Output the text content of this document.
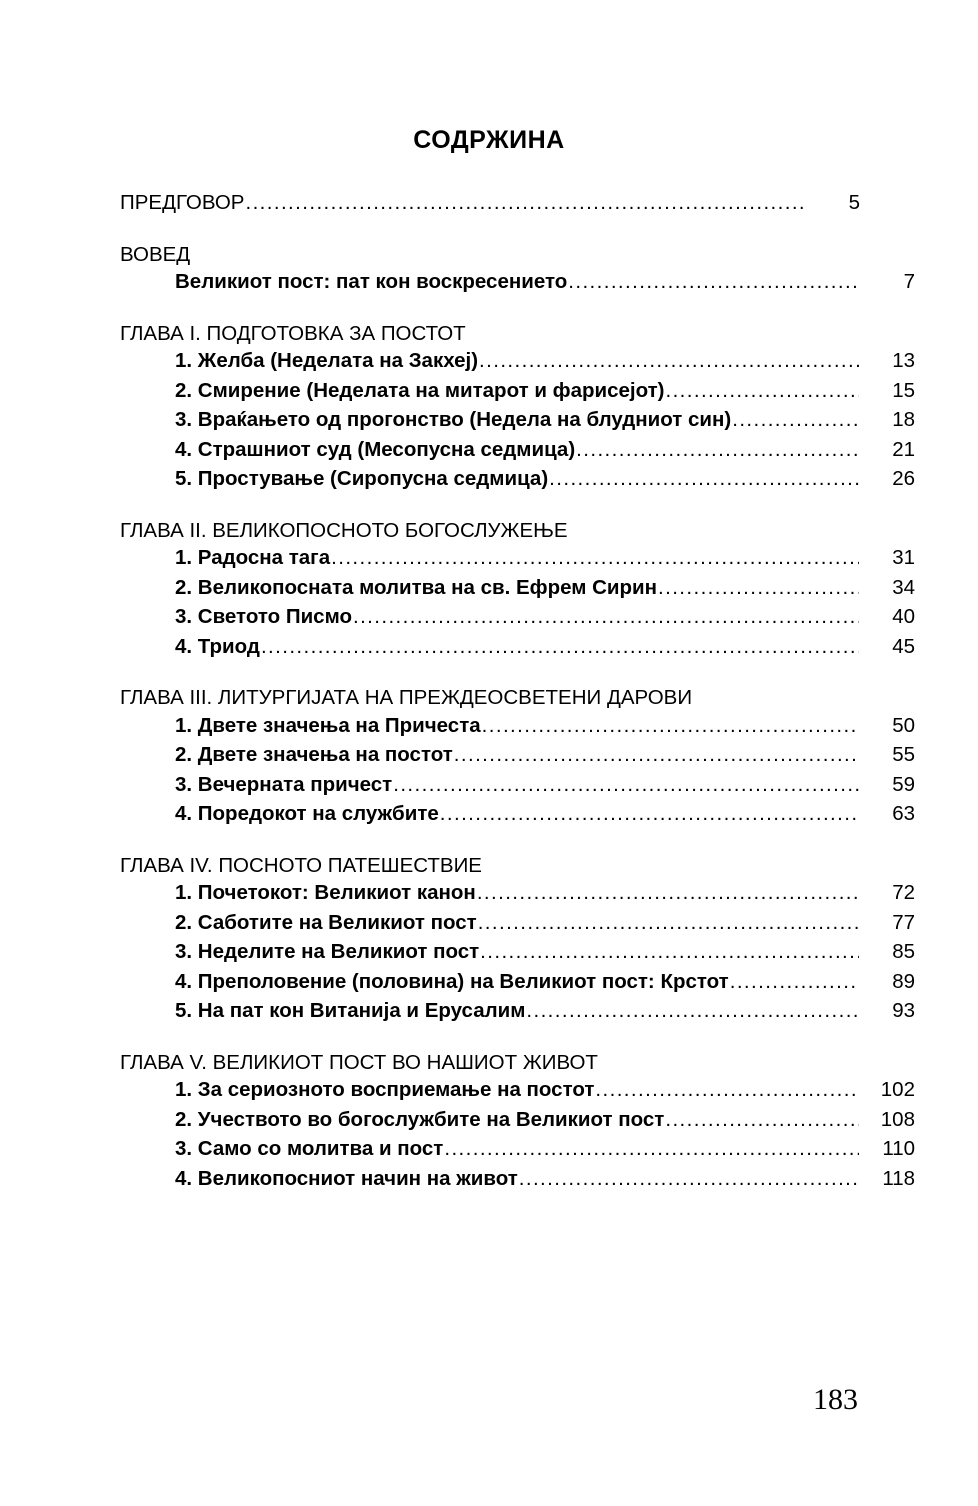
СОДРЖИНА
ПРЕДГОВОР .....	5
ВОВЕД
Великиот пост: пат кон воскресението .....	7
ГЛАВА I. ПОДГОТОВКА ЗА ПОСТОТ
1. Желба (Неделата на Закхеј) .....	13
2. Смирение (Неделата на митарот и фарисејот) .....	15
3. Враќањето од прогонство (Недела на блудниот син) .....	18
4. Страшниот суд (Месопусна седмица) .....	21
5. Простување (Сиропусна седмица) .....	26
ГЛАВА II. ВЕЛИКОПОСНОТО БОГОСЛУЖЕЊЕ
1. Радосна тага .....	31
2. Великопосната молитва на св. Ефрем Сирин .....	34
3. Светото Писмо .....	40
4. Триод .....	45
ГЛАВА III. ЛИТУРГИЈАТА НА ПРЕЖДЕОСВЕТЕНИ ДАРОВИ
1. Двете значења на Причеста .....	50
2. Двете значења на постот .....	55
3. Вечерната причест .....	59
4. Поредокот на службите .....	63
ГЛАВА IV. ПОСНОТО ПАТЕШЕСТВИЕ
1. Почетокот: Великиот канон .....	72
2. Саботите на Великиот пост .....	77
3. Неделите на Великиот пост .....	85
4. Преполовение (половина) на Великиот пост: Крстот .....	89
5. На пат кон Витанија и Ерусалим .....	93
ГЛАВА V. ВЕЛИКИОТ ПОСТ ВО НАШИОТ ЖИВОТ
1. За сериозното восприемање на постот .....	102
2. Учеството во богослужбите на Великиот пост .....	108
3. Само со молитва и пост .....	110
4. Великопосниот начин на живот .....	118
183
